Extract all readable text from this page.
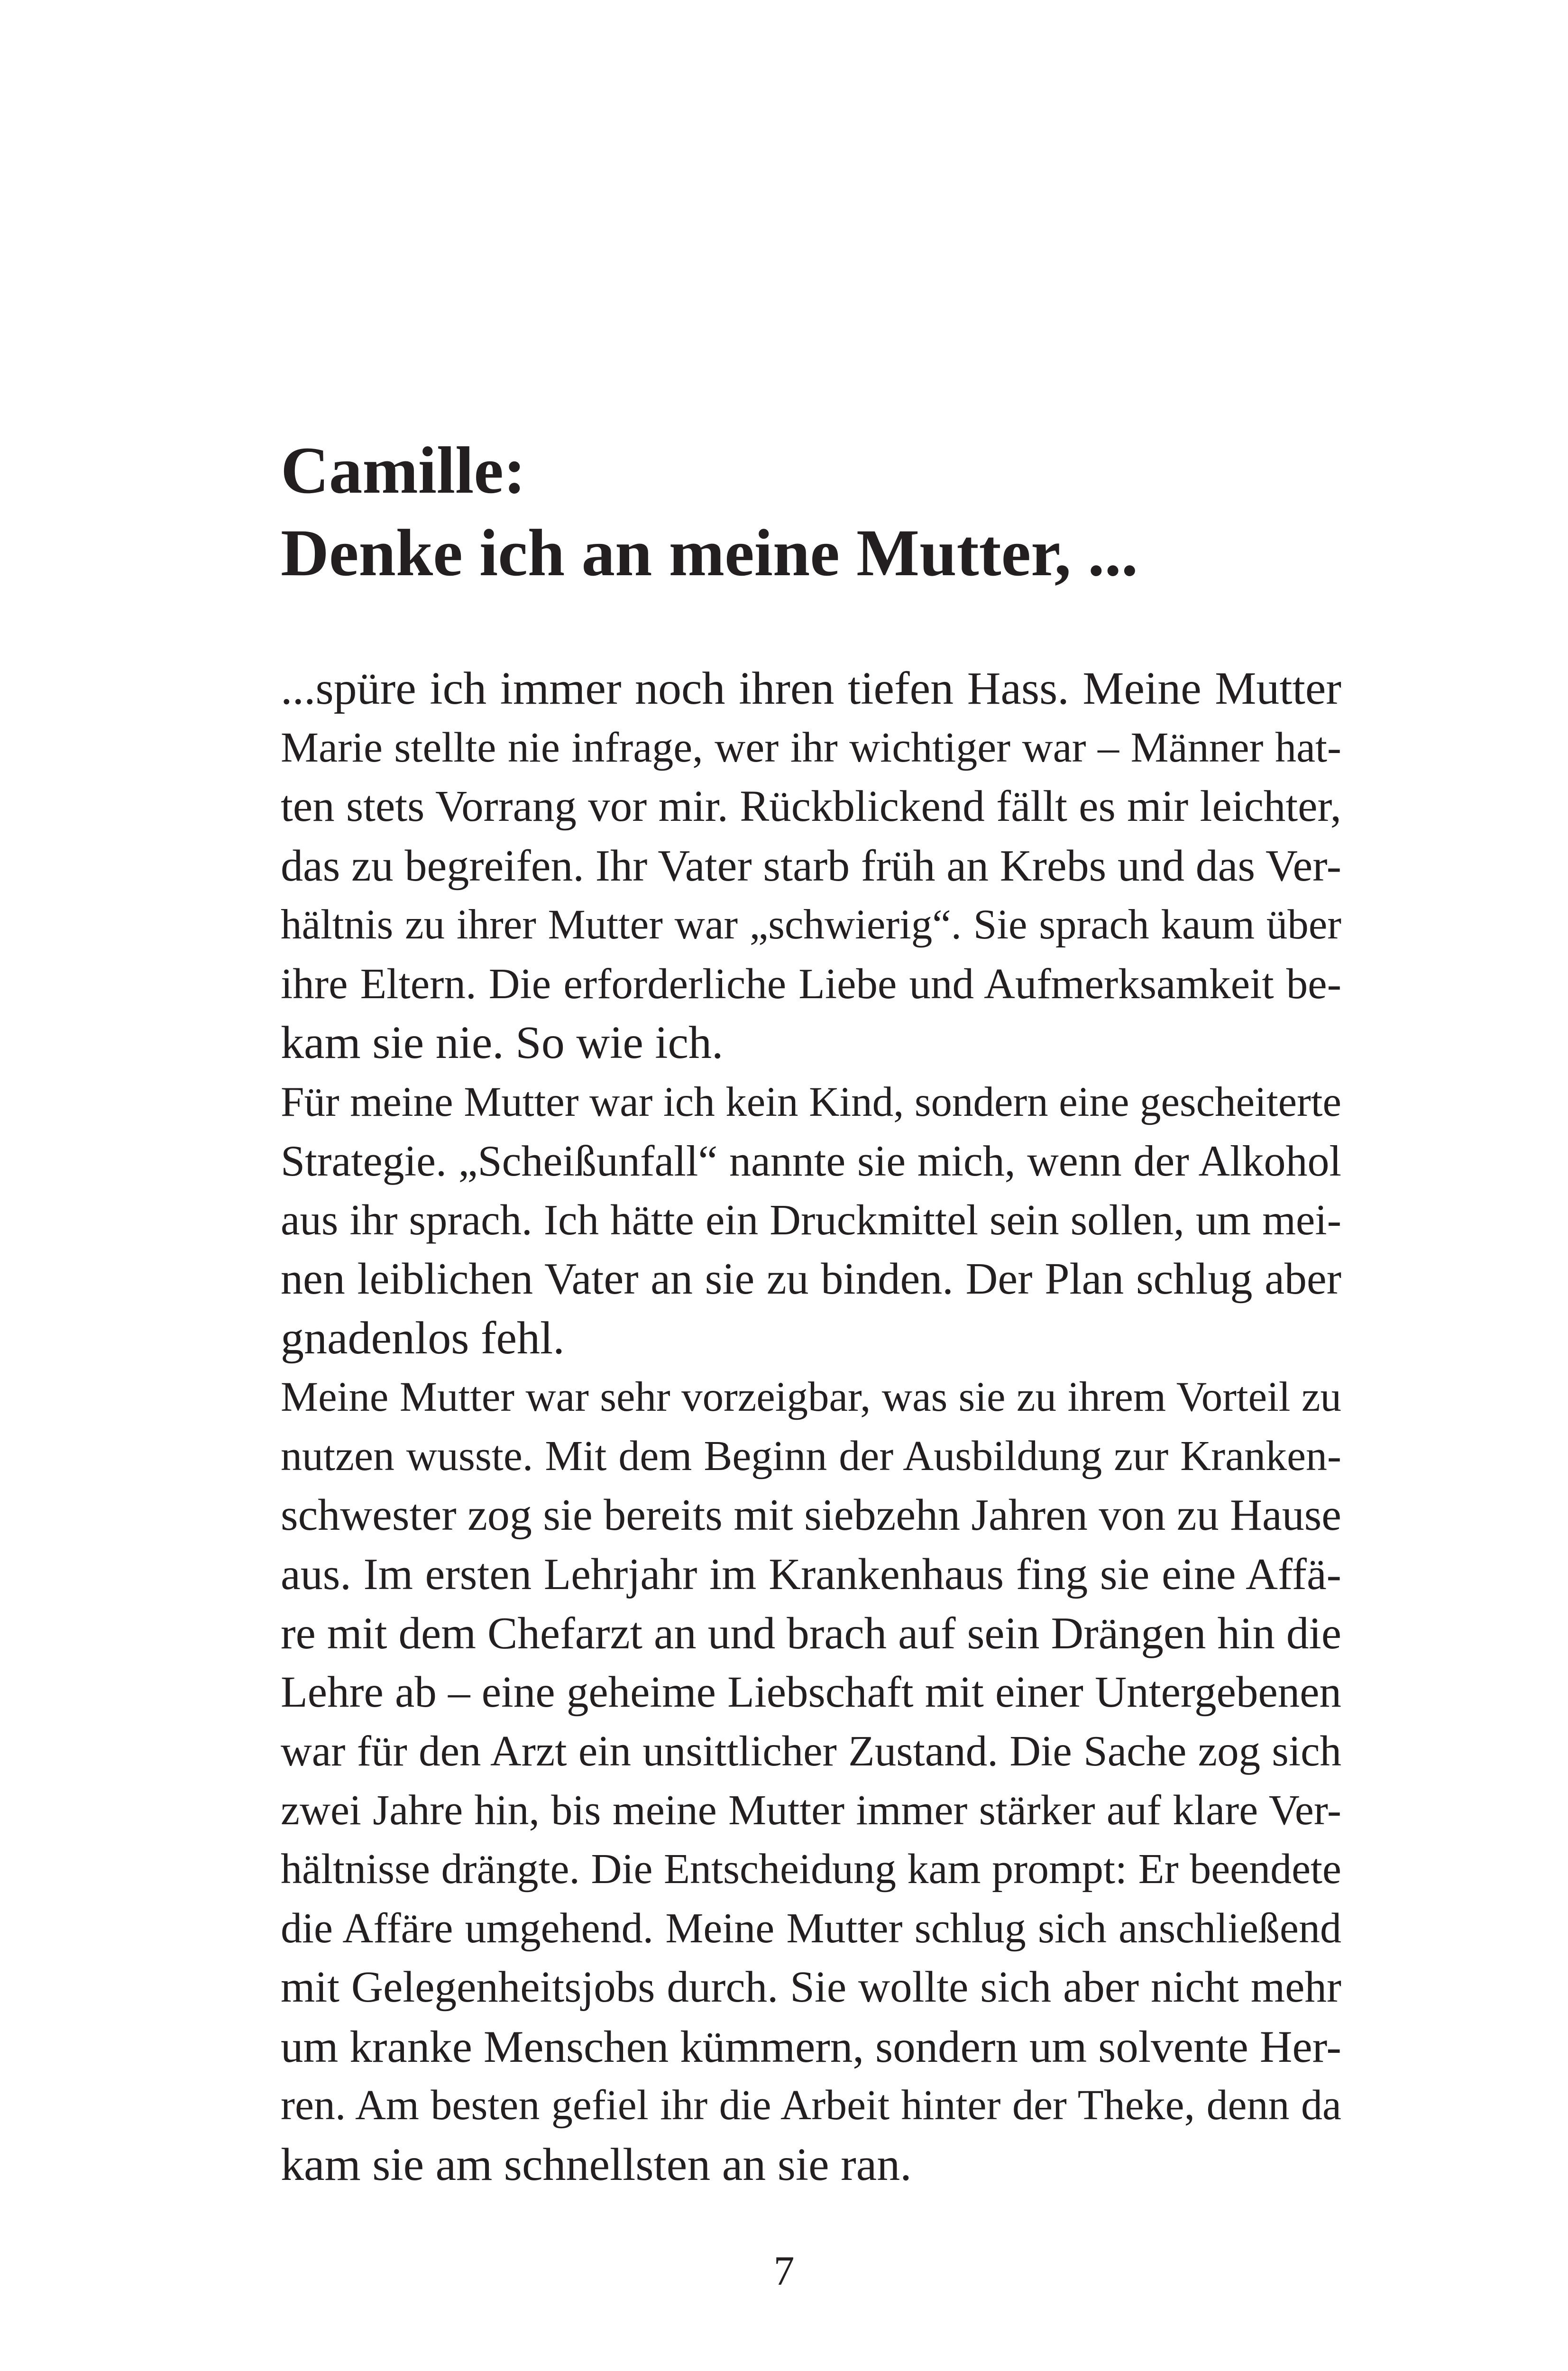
Camille:
Denke ich an meine Mutter, ...
...spüre ich immer noch ihren tiefen Hass. Meine Mutter
Marie stellte nie infrage, wer ihr wichtiger war – Männer hat-
ten stets Vorrang vor mir. Rückblickend fällt es mir leichter,
das zu begreifen. Ihr Vater starb früh an Krebs und das Ver-
hältnis zu ihrer Mutter war „schwierig“. Sie sprach kaum über
ihre Eltern. Die erforderliche Liebe und Aufmerksamkeit be-
kam sie nie. So wie ich.
Für meine Mutter war ich kein Kind, sondern eine gescheiterte
Strategie. „Scheißunfall“ nannte sie mich, wenn der Alkohol
aus ihr sprach. Ich hätte ein Druckmittel sein sollen, um mei-
nen leiblichen Vater an sie zu binden. Der Plan schlug aber
gnadenlos fehl.
Meine Mutter war sehr vorzeigbar, was sie zu ihrem Vorteil zu
nutzen wusste. Mit dem Beginn der Ausbildung zur Kranken-
schwester zog sie bereits mit siebzehn Jahren von zu Hause
aus. Im ersten Lehrjahr im Krankenhaus fing sie eine Affä-
re mit dem Chefarzt an und brach auf sein Drängen hin die
Lehre ab – eine geheime Liebschaft mit einer Untergebenen
war für den Arzt ein unsittlicher Zustand. Die Sache zog sich
zwei Jahre hin, bis meine Mutter immer stärker auf klare Ver-
hältnisse drängte. Die Entscheidung kam prompt: Er beendete
die Affäre umgehend. Meine Mutter schlug sich anschließend
mit Gelegenheitsjobs durch. Sie wollte sich aber nicht mehr
um kranke Menschen kümmern, sondern um solvente Her-
ren. Am besten gefiel ihr die Arbeit hinter der Theke, denn da
kam sie am schnellsten an sie ran.
7
